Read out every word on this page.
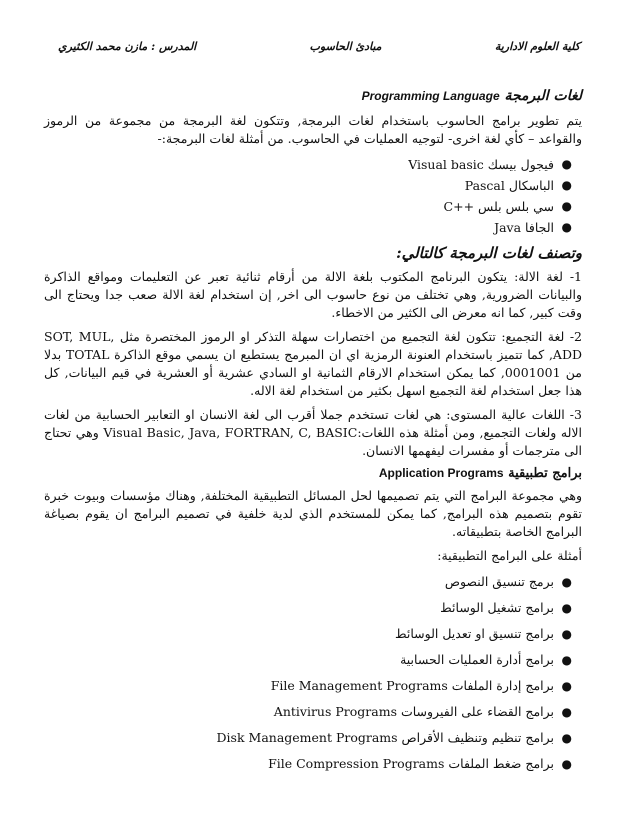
كلية العلوم الادارية
مبادئ الحاسوب
المدرس : مازن محمد الكثيري
لغات البرمجة Programming Language

يتم تطوير برامج الحاسوب باستخدام لغات البرمجة, وتتكون لغة البرمجة من مجموعة من الرموز والقواعد – كأي لغة اخرى- لتوجيه العمليات في الحاسوب. من أمثلة لغات البرمجة:-

●
فيجول بيسك Visual basic
●
الباسكال Pascal
●
سي بلس بلس ++C
●
الجافا Java
وتصنف لغات البرمجة كالتالي:

1- لغة الالة: يتكون البرنامج المكتوب بلغة الالة من أرقام ثنائية تعبر عن التعليمات ومواقع الذاكرة والبيانات الضرورية, وهي تختلف من نوع حاسوب الى اخر, إن استخدام لغة الالة صعب جدا ويحتاج الى وقت كبير, كما انه معرض الى الكثير من الاخطاء.

2- لغة التجميع: تتكون لغة التجميع من اختصارات سهلة التذكر او الرموز المختصرة مثل SOT, MUL, ADD, كما تتميز باستخدام العنونة الرمزية اي ان المبرمج يستطيع ان يسمي موقع الذاكرة TOTAL بدلا من 0001001, كما يمكن استخدام الارقام الثمانية او السادي عشرية أو العشرية في قيم البيانات, كل هذا جعل استخدام لغة التجميع اسهل بكثير من استخدام لغة الاله.

3- اللغات عالية المستوى: هي لغات تستخدم جملا أقرب الى لغة الانسان او التعابير الحسابية من لغات الاله ولغات التجميع, ومن أمثلة هذه اللغات:Visual Basic, Java, FORTRAN, C, BASIC وهي تحتاج الى مترجمات أو مفسرات ليفهمها الانسان.

برامج تطبيقية Application Programs

وهي مجموعة البرامج التي يتم تصميمها لحل المسائل التطبيقية المختلفة, وهناك مؤسسات وبيوت خبرة تقوم بتصميم هذه البرامج, كما يمكن للمستخدم الذي لدية خلفية في تصميم البرامج ان يقوم بصياغة البرامج الخاصة بتطبيقاته.

أمثلة على البرامج التطبيقية:
●
برمج تنسيق النصوص
●
برامج تشغيل الوسائط
●
برامج تنسيق او تعديل الوسائط
●
برامج أدارة العمليات الحسابية
●
برامج إدارة الملفات File Management Programs
●
برامج القضاء على الفيروسات Antivirus Programs
●
برامج تنظيم وتنظيف الأقراص Disk Management Programs
●
برامج ضغط الملفات File Compression Programs
